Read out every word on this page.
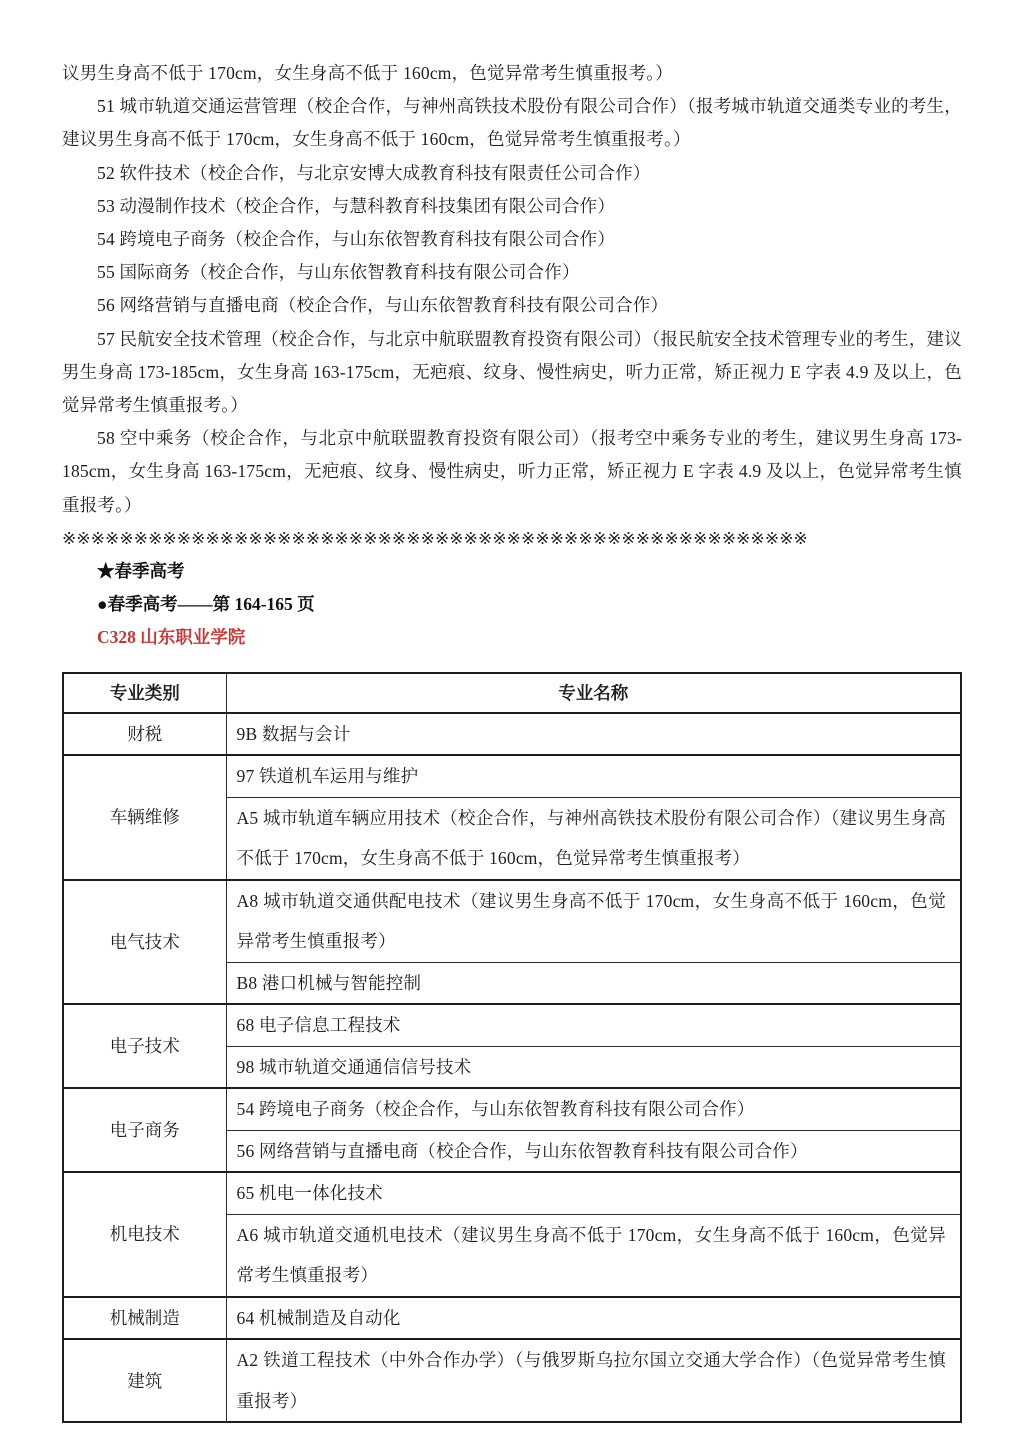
议男生身高不低于 170cm，女生身高不低于 160cm，色觉异常考生慎重报考。）

51 城市轨道交通运营管理（校企合作，与神州高铁技术股份有限公司合作）（报考城市轨道交通类专业的考生，建议男生身高不低于 170cm，女生身高不低于 160cm，色觉异常考生慎重报考。）

52 软件技术（校企合作，与北京安博大成教育科技有限责任公司合作）

53 动漫制作技术（校企合作，与慧科教育科技集团有限公司合作）

54 跨境电子商务（校企合作，与山东依智教育科技有限公司合作）

55 国际商务（校企合作，与山东依智教育科技有限公司合作）

56 网络营销与直播电商（校企合作，与山东依智教育科技有限公司合作）

57 民航安全技术管理（校企合作，与北京中航联盟教育投资有限公司）（报民航安全技术管理专业的考生，建议男生身高 173-185cm，女生身高 163-175cm，无疤痕、纹身、慢性病史，听力正常，矫正视力 E 字表 4.9 及以上，色觉异常考生慎重报考。）

58 空中乘务（校企合作，与北京中航联盟教育投资有限公司）（报考空中乘务专业的考生，建议男生身高 173-185cm，女生身高 163-175cm，无疤痕、纹身、慢性病史，听力正常，矫正视力 E 字表 4.9 及以上，色觉异常考生慎重报考。）

※※※※※※※※※※※※※※※※※※※※※※※※※※※※※※※※※※※※※※※※※※※※※※※※※※※※

★春季高考

●春季高考——第 164-165 页

C328 山东职业学院

专业类别	专业名称
财税	9B 数据与会计
车辆维修	97 铁道机车运用与维护
	A5 城市轨道车辆应用技术（校企合作，与神州高铁技术股份有限公司合作）（建议男生身高不低于 170cm，女生身高不低于 160cm，色觉异常考生慎重报考）
电气技术	A8 城市轨道交通供配电技术（建议男生身高不低于 170cm，女生身高不低于 160cm，色觉异常考生慎重报考）
	B8 港口机械与智能控制
电子技术	68 电子信息工程技术
	98 城市轨道交通通信信号技术
电子商务	54 跨境电子商务（校企合作，与山东依智教育科技有限公司合作）
	56 网络营销与直播电商（校企合作，与山东依智教育科技有限公司合作）
机电技术	65 机电一体化技术
	A6 城市轨道交通机电技术（建议男生身高不低于 170cm，女生身高不低于 160cm，色觉异常考生慎重报考）
机械制造	64 机械制造及自动化
建筑	A2 铁道工程技术（中外合作办学）（与俄罗斯乌拉尔国立交通大学合作）（色觉异常考生慎重报考）
